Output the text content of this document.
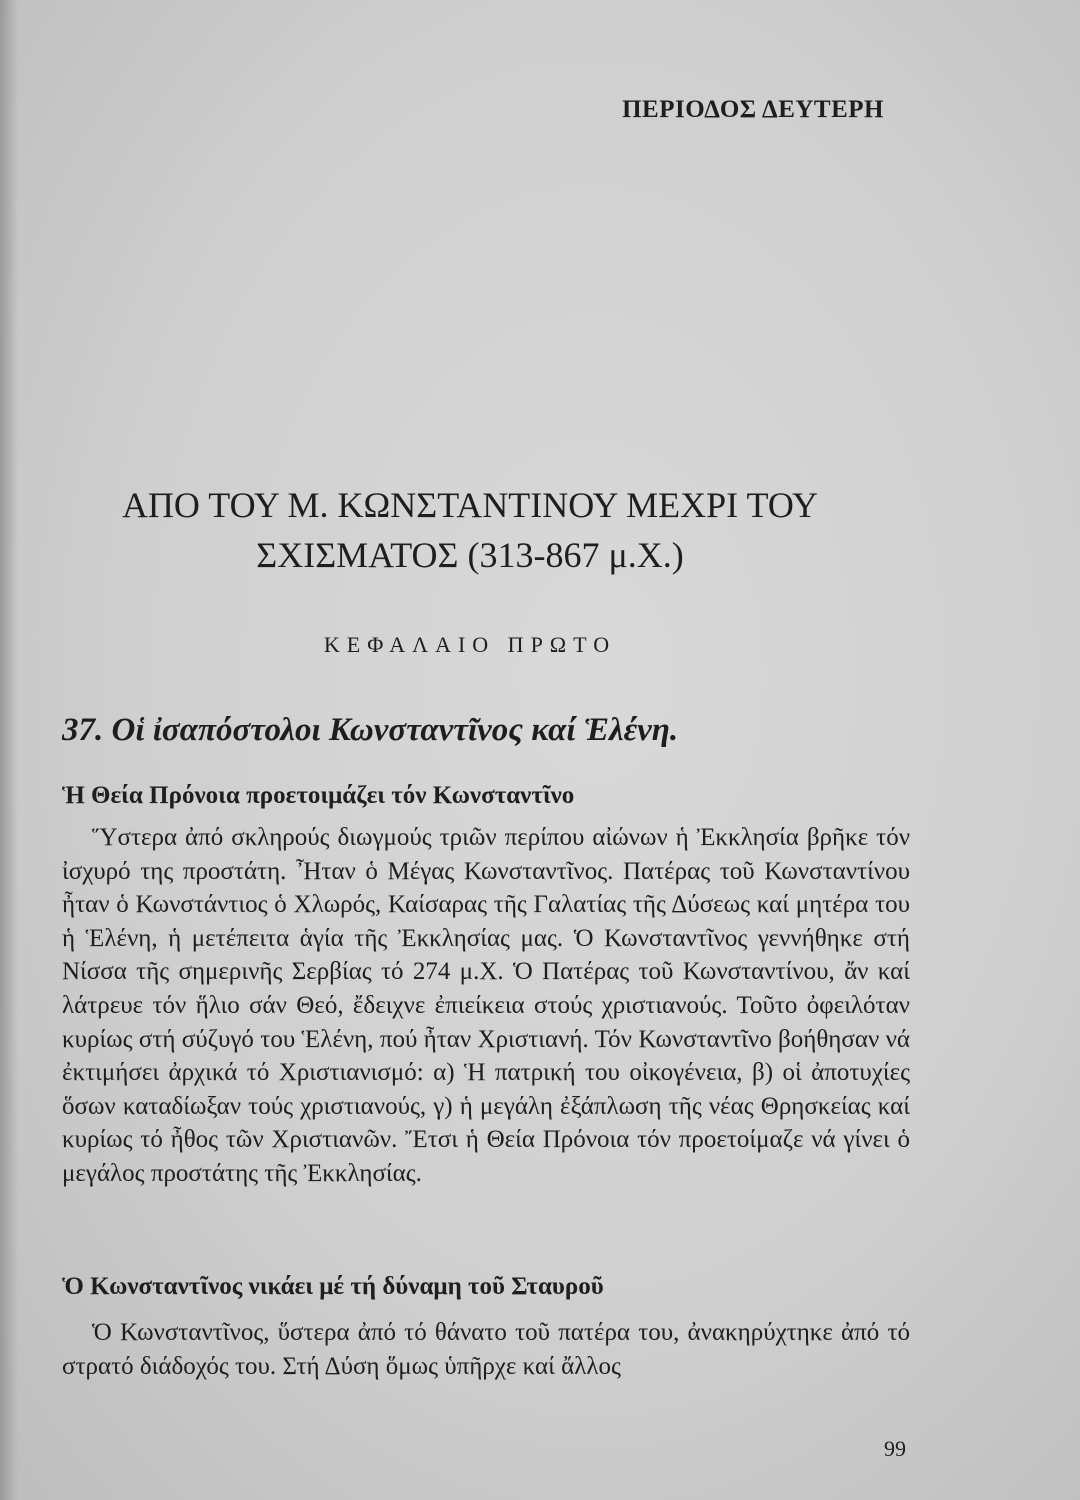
ΠΕΡΙΟΔΟΣ ΔΕΥΤΕΡΗ
ΑΠΟ ΤΟΥ Μ. ΚΩΝΣΤΑΝΤΙΝΟΥ ΜΕΧΡΙ ΤΟΥ
ΣΧΙΣΜΑΤΟΣ (313-867 μ.Χ.)
ΚΕΦΑΛΑΙΟ ΠΡΩΤΟ
37. Οἱ ἰσαπόστολοι Κωνσταντῖνος καί Ἑλένη.
Ἡ Θεία Πρόνοια προετοιμάζει τόν Κωνσταντῖνο

Ὕστερα ἀπό σκληρούς διωγμούς τριῶν περίπου αἰώνων ἡ Ἐκκλησία βρῆκε τόν ἰσχυρό της προστάτη. Ἦταν ὁ Μέγας Κωνσταντῖνος. Πατέρας τοῦ Κωνσταντίνου ἦταν ὁ Κωνστάντιος ὁ Χλωρός, Καίσαρας τῆς Γαλατίας τῆς Δύσεως καί μητέρα του ἡ Ἑλένη, ἡ μετέπειτα ἁγία τῆς Ἐκκλησίας μας. Ὁ Κωνσταντῖνος γεννήθηκε στή Νίσσα τῆς σημερινῆς Σερβίας τό 274 μ.Χ. Ὁ Πατέρας τοῦ Κωνσταντίνου, ἄν καί λάτρευε τόν ἥλιο σάν Θεό, ἔδειχνε ἐπιείκεια στούς χριστιανούς. Τοῦτο ὀφειλόταν κυρίως στή σύζυγό του Ἑλένη, πού ἦταν Χριστιανή. Τόν Κωνσταντῖνο βοήθησαν νά ἐκτιμήσει ἀρχικά τό Χριστιανισμό: α) Ἡ πατρική του οἰκογένεια, β) οἱ ἀποτυχίες ὅσων καταδίωξαν τούς χριστιανούς, γ) ἡ μεγάλη ἐξάπλωση τῆς νέας Θρησκείας καί κυρίως τό ἦθος τῶν Χριστιανῶν. Ἔτσι ἡ Θεία Πρόνοια τόν προετοίμαζε νά γίνει ὁ μεγάλος προστάτης τῆς Ἐκκλησίας.

Ὁ Κωνσταντῖνος νικάει μέ τή δύναμη τοῦ Σταυροῦ

Ὁ Κωνσταντῖνος, ὕστερα ἀπό τό θάνατο τοῦ πατέρα του, ἀνακηρύχτηκε ἀπό τό στρατό διάδοχός του. Στή Δύση ὅμως ὑπῆρχε καί ἄλλος

99
